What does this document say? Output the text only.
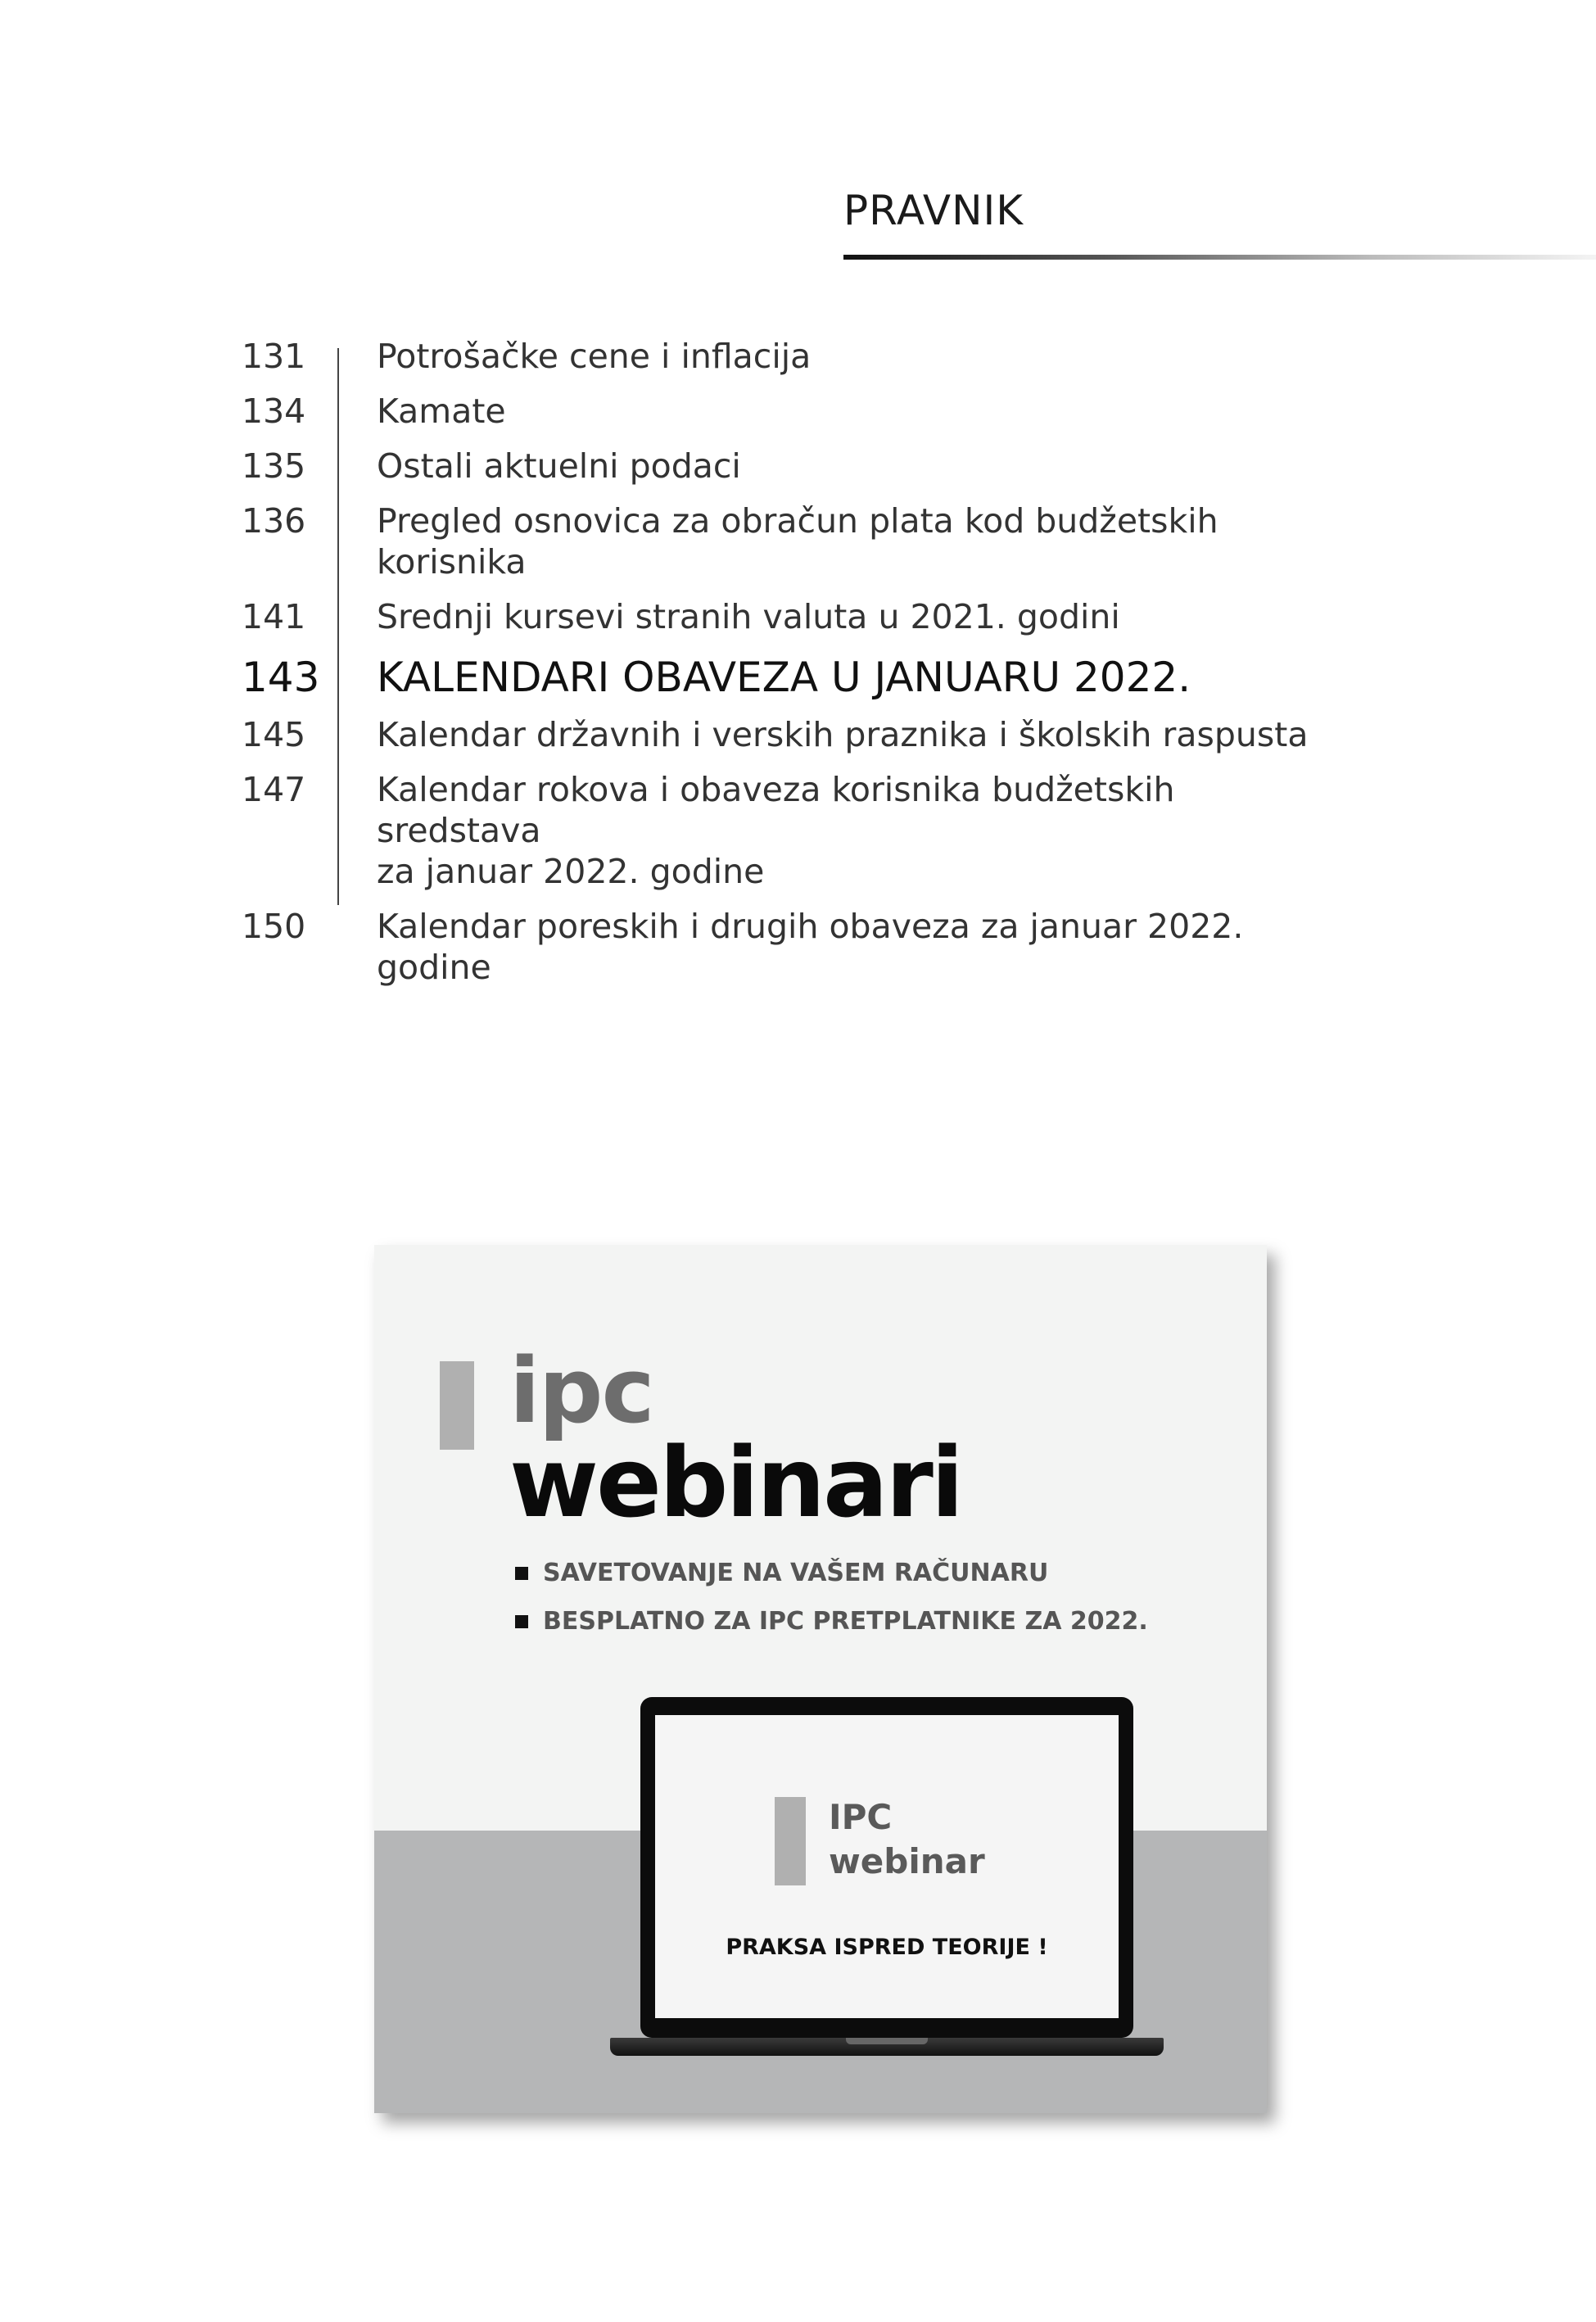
PRAVNIK
131	Potrošačke cene i inflacija
134	Kamate
135	Ostali aktuelni podaci
136	Pregled osnovica za obračun plata kod budžetskih korisnika
141	Srednji kursevi stranih valuta u 2021. godini
143	KALENDARI OBAVEZA U JANUARU 2022.
145	Kalendar državnih i verskih praznika i školskih raspusta
147	Kalendar rokova i obaveza korisnika budžetskih sredstava
za januar 2022. godine
150	Kalendar poreskih i drugih obaveza za januar 2022. godine
ipc
webinari
SAVETOVANJE NA VAŠEM RAČUNARU
BESPLATNO ZA IPC PRETPLATNIKE ZA 2022.
IPC
webinar
PRAKSA ISPRED TEORIJE !
